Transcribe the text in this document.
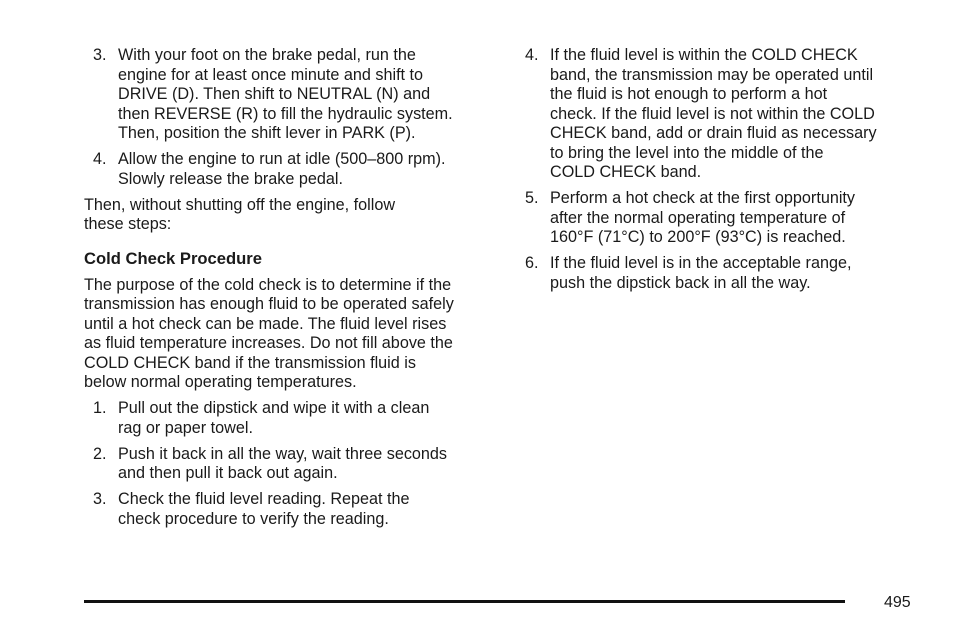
3. With your foot on the brake pedal, run the
engine for at least once minute and shift to
DRIVE (D). Then shift to NEUTRAL (N) and
then REVERSE (R) to fill the hydraulic system.
Then, position the shift lever in PARK (P).
4. Allow the engine to run at idle (500–800 rpm).
Slowly release the brake pedal.

Then, without shutting off the engine, follow
these steps:

Cold Check Procedure

The purpose of the cold check is to determine if the
transmission has enough fluid to be operated safely
until a hot check can be made. The fluid level rises
as fluid temperature increases. Do not fill above the
COLD CHECK band if the transmission fluid is
below normal operating temperatures.

1. Pull out the dipstick and wipe it with a clean
rag or paper towel.
2. Push it back in all the way, wait three seconds
and then pull it back out again.
3. Check the fluid level reading. Repeat the
check procedure to verify the reading.
4. If the fluid level is within the COLD CHECK
band, the transmission may be operated until
the fluid is hot enough to perform a hot
check. If the fluid level is not within the COLD
CHECK band, add or drain fluid as necessary
to bring the level into the middle of the
COLD CHECK band.
5. Perform a hot check at the first opportunity
after the normal operating temperature of
160°F (71°C) to 200°F (93°C) is reached.
6. If the fluid level is in the acceptable range,
push the dipstick back in all the way.
495
